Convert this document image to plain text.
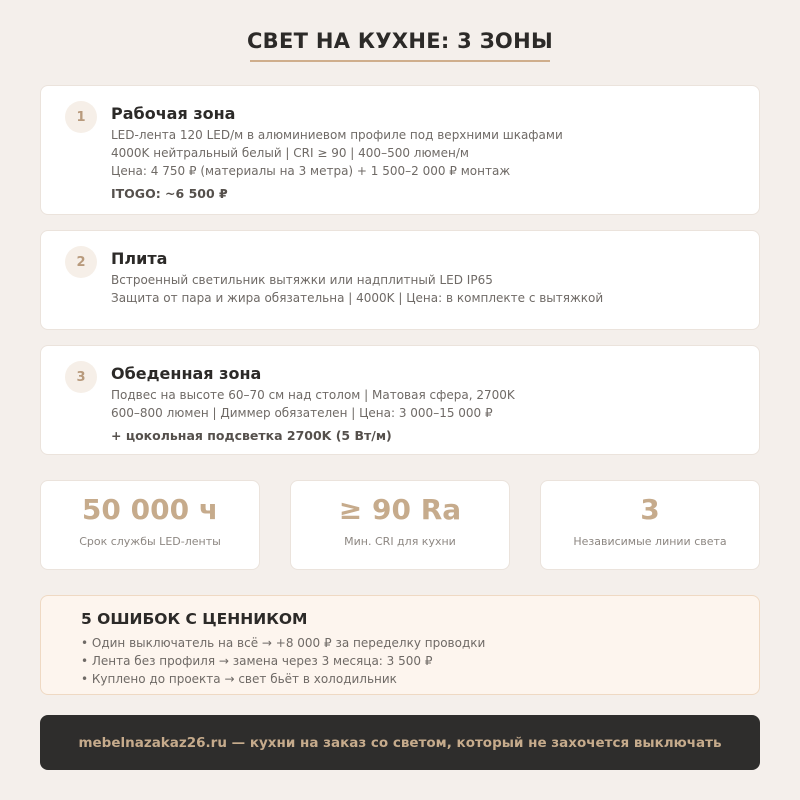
СВЕТ НА КУХНЕ: 3 ЗОНЫ
1	Рабочая зона
LED-лента 120 LED/м в алюминиевом профиле под верхними шкафами
4000K нейтральный белый | CRI ≥ 90 | 400–500 люмен/м
Цена: 4 750 ₽ (материалы на 3 метра) + 1 500–2 000 ₽ монтаж
ITOGO: ~6 500 ₽
2	Плита
Встроенный светильник вытяжки или надплитный LED IP65
Защита от пара и жира обязательна | 4000K | Цена: в комплекте с вытяжкой
3	Обеденная зона
Подвес на высоте 60–70 см над столом | Матовая сфера, 2700K
600–800 люмен | Диммер обязателен | Цена: 3 000–15 000 ₽
+ цокольная подсветка 2700K (5 Вт/м)
50 000 ч
Срок службы LED-ленты
≥ 90 Ra
Мин. CRI для кухни
3
Независимые линии света
5 ОШИБОК С ЦЕННИКОМ
• Один выключатель на всё → +8 000 ₽ за переделку проводки
• Лента без профиля → замена через 3 месяца: 3 500 ₽
• Куплено до проекта → свет бьёт в холодильник
mebelnazakaz26.ru — кухни на заказ со светом, который не захочется выключать
